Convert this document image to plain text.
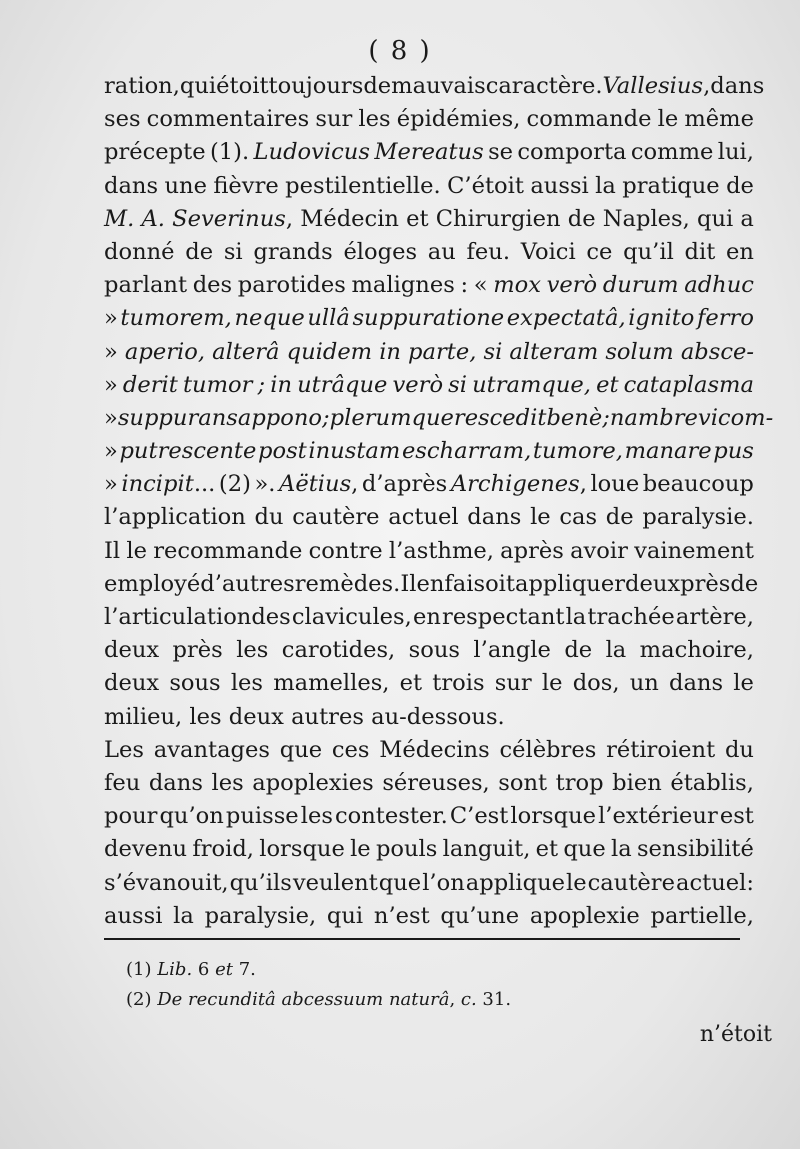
( 8 )
ration, qui étoit toujours de mauvais caractère. Vallesius, dans
ses commentaires sur les épidémies, commande le même
précepte (1). Ludovicus Mereatus se comporta comme lui,
dans une fièvre pestilentielle. C’étoit aussi la pratique de
M. A. Severinus, Médecin et Chirurgien de Naples, qui a
donné de si grands éloges au feu. Voici ce qu’il dit en
parlant des parotides malignes : « mox verò durum adhuc
» tumorem, neque ullâ suppuratione expectatâ, ignito ferro
» aperio, alterâ quidem in parte, si alteram solum absce-
» derit tumor ; in utrâque verò si utramque, et cataplasma
» suppurans appono ; plerumque rescedit benè ; nam brevi com-
» putrescente post inustam escharram, tumore, manare pus
» incipit... (2) ». Aëtius, d’après Archigenes, loue beaucoup
l’application du cautère actuel dans le cas de paralysie.
Il le recommande contre l’asthme, après avoir vainement
employé d’autres remèdes. Il en faisoit appliquer deux près de
l’articulationdes clavicules, en respectant la trachée artère,
deux près les carotides, sous l’angle de la machoire,
deux sous les mamelles, et trois sur le dos, un dans le
milieu, les deux autres au-dessous.
Les avantages que ces Médecins célèbres rétiroient du
feu dans les apoplexies séreuses, sont trop bien établis,
pour qu’on puisse les contester. C’est lorsque l’extérieur est
devenu froid, lorsque le pouls languit, et que la sensibilité
s’évanouit, qu’ils veulent que l’on applique le cautère actuel:
aussi la paralysie, qui n’est qu’une apoplexie partielle,
(1) Lib. 6 et 7.
(2) De recunditâ abcessuum naturâ, c. 31.
n’étoit
